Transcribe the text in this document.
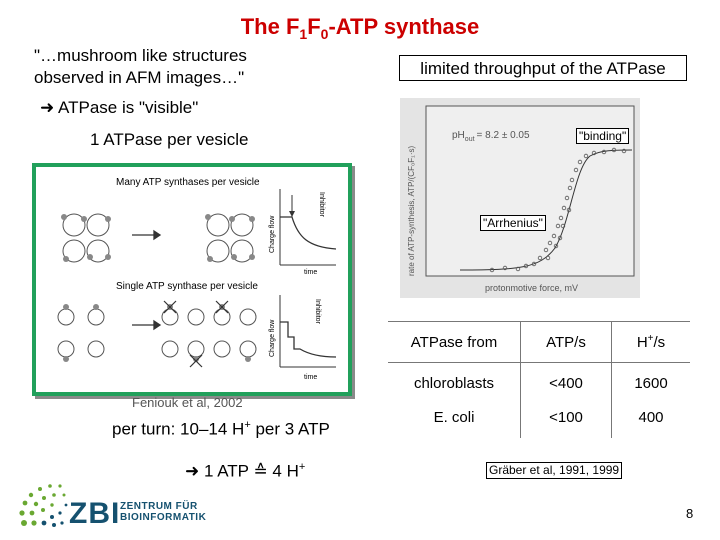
The $F_1F_0$-ATP synthase
"…mushroom like structures
observed in AFM images…"	limited throughput of the ATPase
➜ ATPase is "visible"
1 ATPase per vesicle
rate of ATP-synthesis, ATP/(CF₀F₁·s)
protonmotive force, mV
$pH_{out} = 8.2 \pm 0.05$	"binding"
"Arrhenius"
Many ATP synthases per vesicle
Single ATP synthase per vesicle
Inhibitor
Charge flow
time
Inhibitor
Charge flow
time
Feniouk et al, 2002
per turn: 10–14 H+ per 3 ATP
➜ 1 ATP ≙ 4 H+
ATPase from	ATP/s	H+/s
chloroblasts	<400	1600
E. coli	<100	400
Gräber et al, 1991, 1999
ZBI ZENTRUM FÜR
BIOINFORMATIK	8
